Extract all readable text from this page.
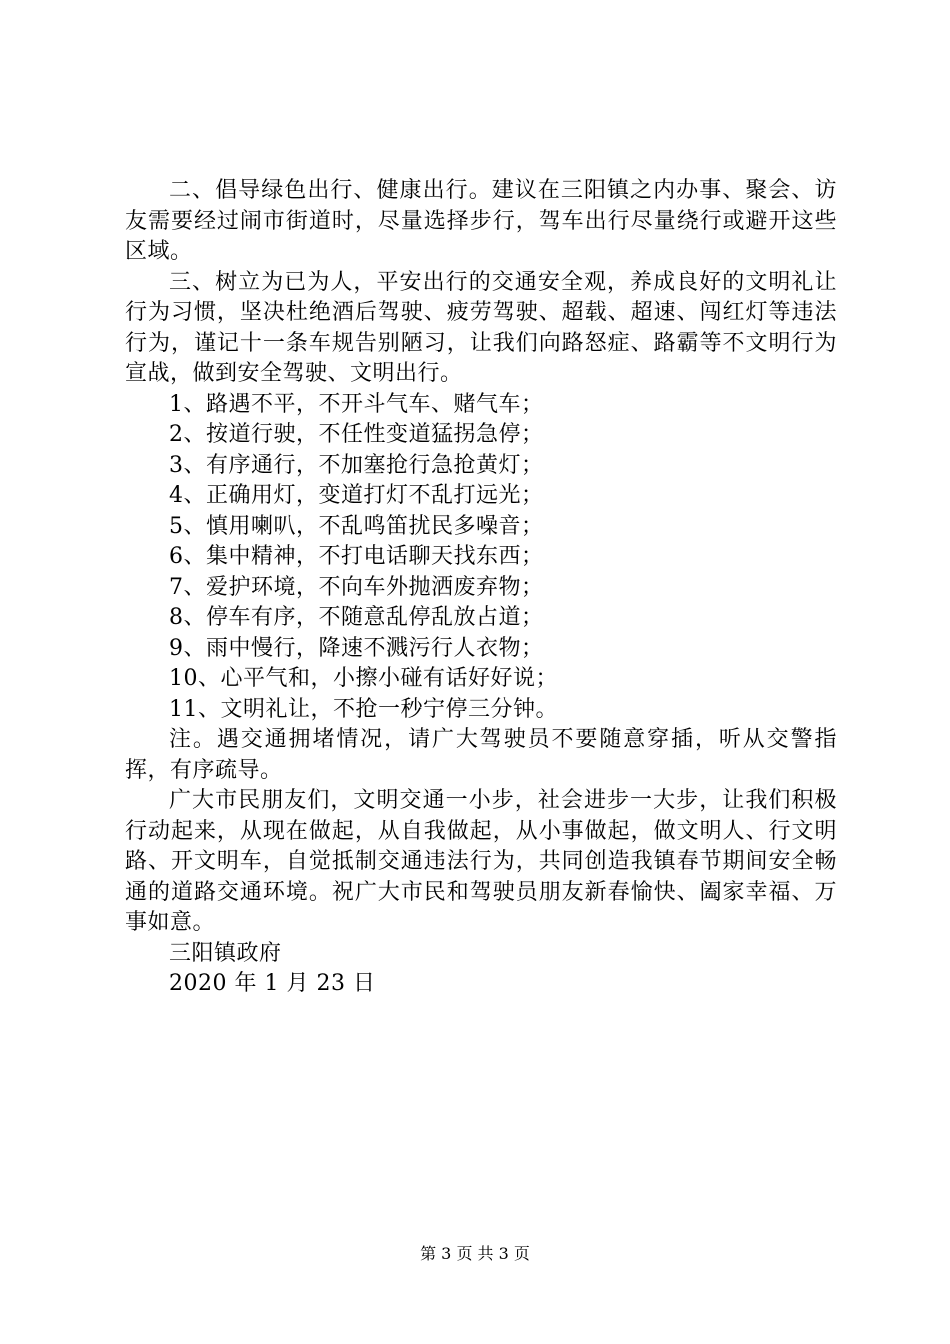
二、倡导绿色出行、健康出行。建议在三阳镇之内办事、聚会、访友需要经过闹市街道时，尽量选择步行，驾车出行尽量绕行或避开这些区域。

三、树立为已为人，平安出行的交通安全观，养成良好的文明礼让行为习惯，坚决杜绝酒后驾驶、疲劳驾驶、超载、超速、闯红灯等违法行为，谨记十一条车规告别陋习，让我们向路怒症、路霸等不文明行为宣战，做到安全驾驶、文明出行。

1、路遇不平，不开斗气车、赌气车；

2、按道行驶，不任性变道猛拐急停；

3、有序通行，不加塞抢行急抢黄灯；

4、正确用灯，变道打灯不乱打远光；

5、慎用喇叭，不乱鸣笛扰民多噪音；

6、集中精神，不打电话聊天找东西；

7、爱护环境，不向车外抛洒废弃物；

8、停车有序，不随意乱停乱放占道；

9、雨中慢行，降速不溅污行人衣物；

10、心平气和，小擦小碰有话好好说；

11、文明礼让，不抢一秒宁停三分钟。

注。遇交通拥堵情况，请广大驾驶员不要随意穿插，听从交警指挥，有序疏导。

广大市民朋友们，文明交通一小步，社会进步一大步，让我们积极行动起来，从现在做起，从自我做起，从小事做起，做文明人、行文明路、开文明车，自觉抵制交通违法行为，共同创造我镇春节期间安全畅通的道路交通环境。祝广大市民和驾驶员朋友新春愉快、阖家幸福、万事如意。

三阳镇政府

2020 年 1 月 23 日

第 3 页 共 3 页
